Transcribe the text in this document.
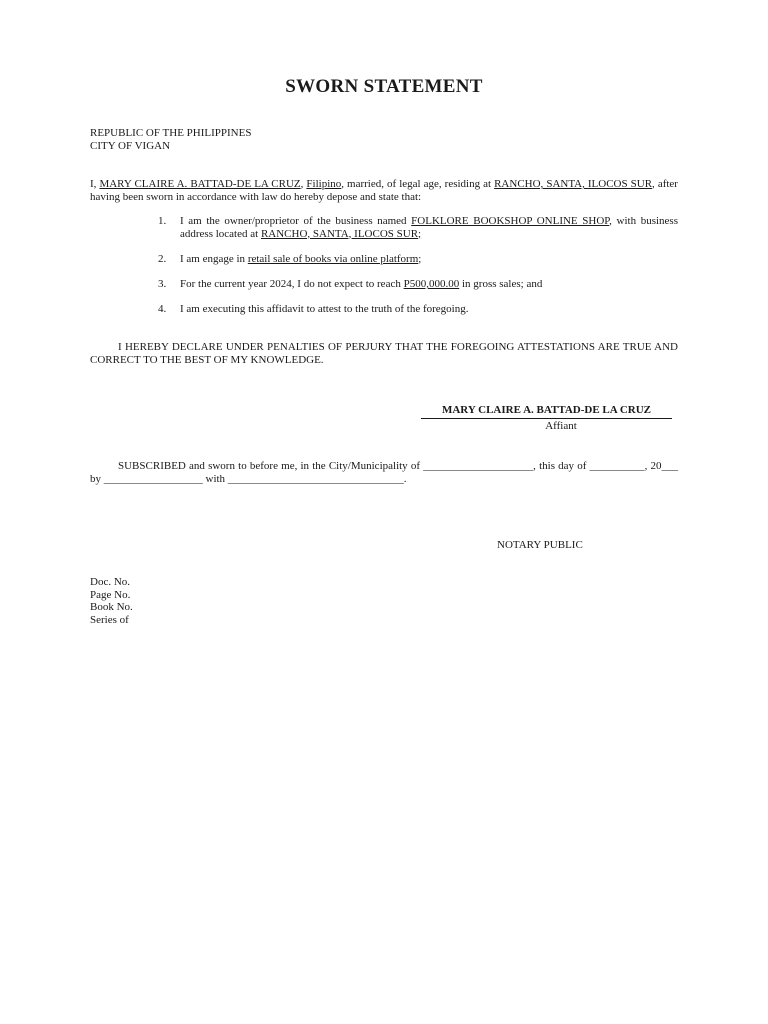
SWORN STATEMENT
REPUBLIC OF THE PHILIPPINES
CITY OF VIGAN
I, MARY CLAIRE A. BATTAD-DE LA CRUZ, Filipino, married, of legal age, residing at RANCHO, SANTA, ILOCOS SUR, after having been sworn in accordance with law do hereby depose and state that:
1.	I am the owner/proprietor of the business named FOLKLORE BOOKSHOP ONLINE SHOP, with business address located at RANCHO, SANTA, ILOCOS SUR;
2.	I am engage in retail sale of books via online platform;
3.	For the current year 2024, I do not expect to reach P500,000.00 in gross sales; and
4.	I am executing this affidavit to attest to the truth of the foregoing.
I HEREBY DECLARE UNDER PENALTIES OF PERJURY THAT THE FOREGOING ATTESTATIONS ARE TRUE AND CORRECT TO THE BEST OF MY KNOWLEDGE.
MARY CLAIRE A. BATTAD-DE LA CRUZ
Affiant
SUBSCRIBED and sworn to before me, in the City/Municipality of ____________________, this day of __________, 20___ by __________________ with ________________________________.
NOTARY PUBLIC
Doc. No.
Page No.
Book No.
Series of
